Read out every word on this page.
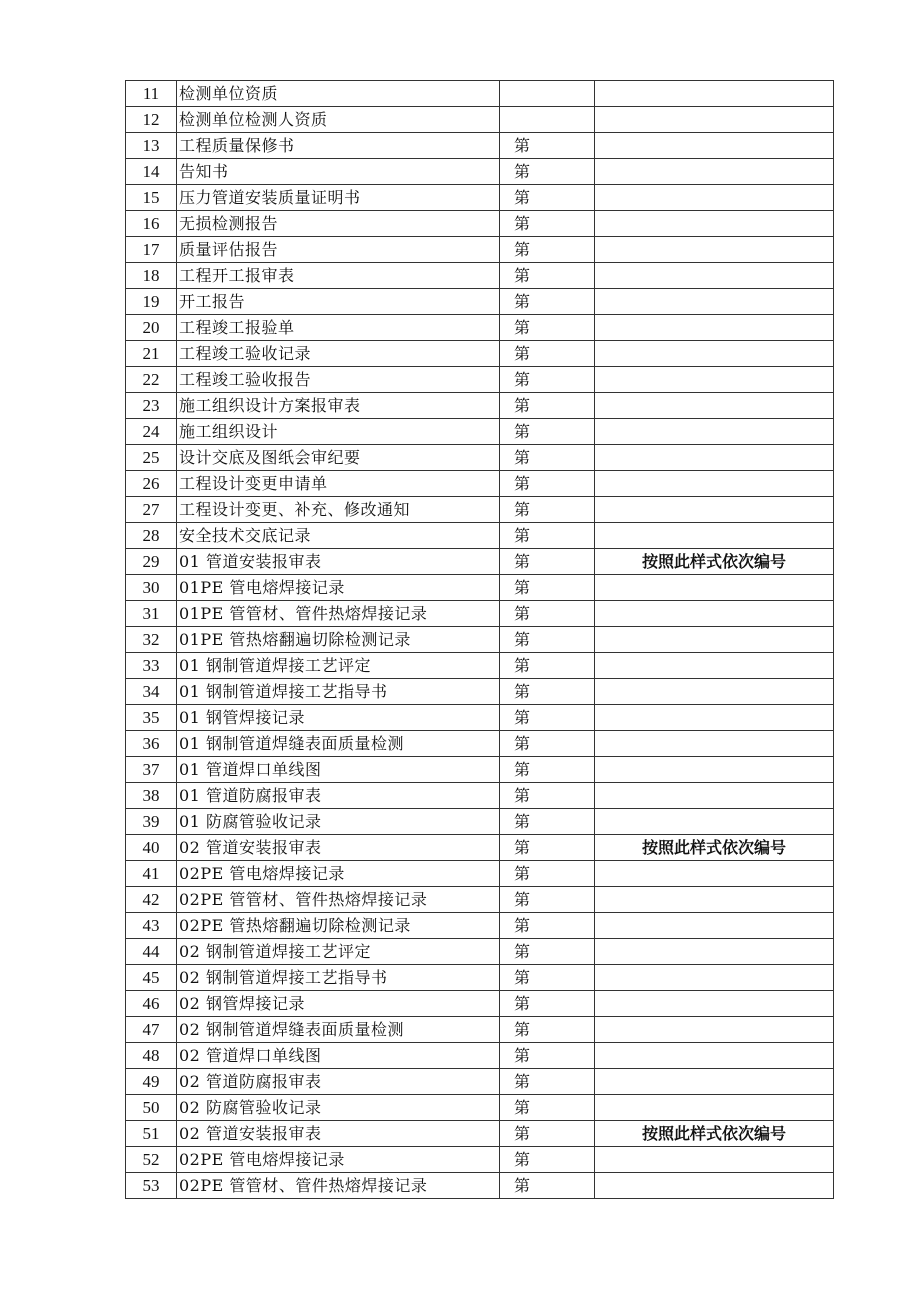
11	检测单位资质		
12	检测单位检测人资质		
13	工程质量保修书	第	
14	告知书	第	
15	压力管道安装质量证明书	第	
16	无损检测报告	第	
17	质量评估报告	第	
18	工程开工报审表	第	
19	开工报告	第	
20	工程竣工报验单	第	
21	工程竣工验收记录	第	
22	工程竣工验收报告	第	
23	施工组织设计方案报审表	第	
24	施工组织设计	第	
25	设计交底及图纸会审纪要	第	
26	工程设计变更申请单	第	
27	工程设计变更、补充、修改通知	第	
28	安全技术交底记录	第	
29	01 管道安装报审表	第	按照此样式依次编号
30	01PE 管电熔焊接记录	第	
31	01PE 管管材、管件热熔焊接记录	第	
32	01PE 管热熔翻遍切除检测记录	第	
33	01 钢制管道焊接工艺评定	第	
34	01 钢制管道焊接工艺指导书	第	
35	01 钢管焊接记录	第	
36	01 钢制管道焊缝表面质量检测	第	
37	01 管道焊口单线图	第	
38	01 管道防腐报审表	第	
39	01 防腐管验收记录	第	
40	02 管道安装报审表	第	按照此样式依次编号
41	02PE 管电熔焊接记录	第	
42	02PE 管管材、管件热熔焊接记录	第	
43	02PE 管热熔翻遍切除检测记录	第	
44	02 钢制管道焊接工艺评定	第	
45	02 钢制管道焊接工艺指导书	第	
46	02 钢管焊接记录	第	
47	02 钢制管道焊缝表面质量检测	第	
48	02 管道焊口单线图	第	
49	02 管道防腐报审表	第	
50	02 防腐管验收记录	第	
51	02 管道安装报审表	第	按照此样式依次编号
52	02PE 管电熔焊接记录	第	
53	02PE 管管材、管件热熔焊接记录	第	
